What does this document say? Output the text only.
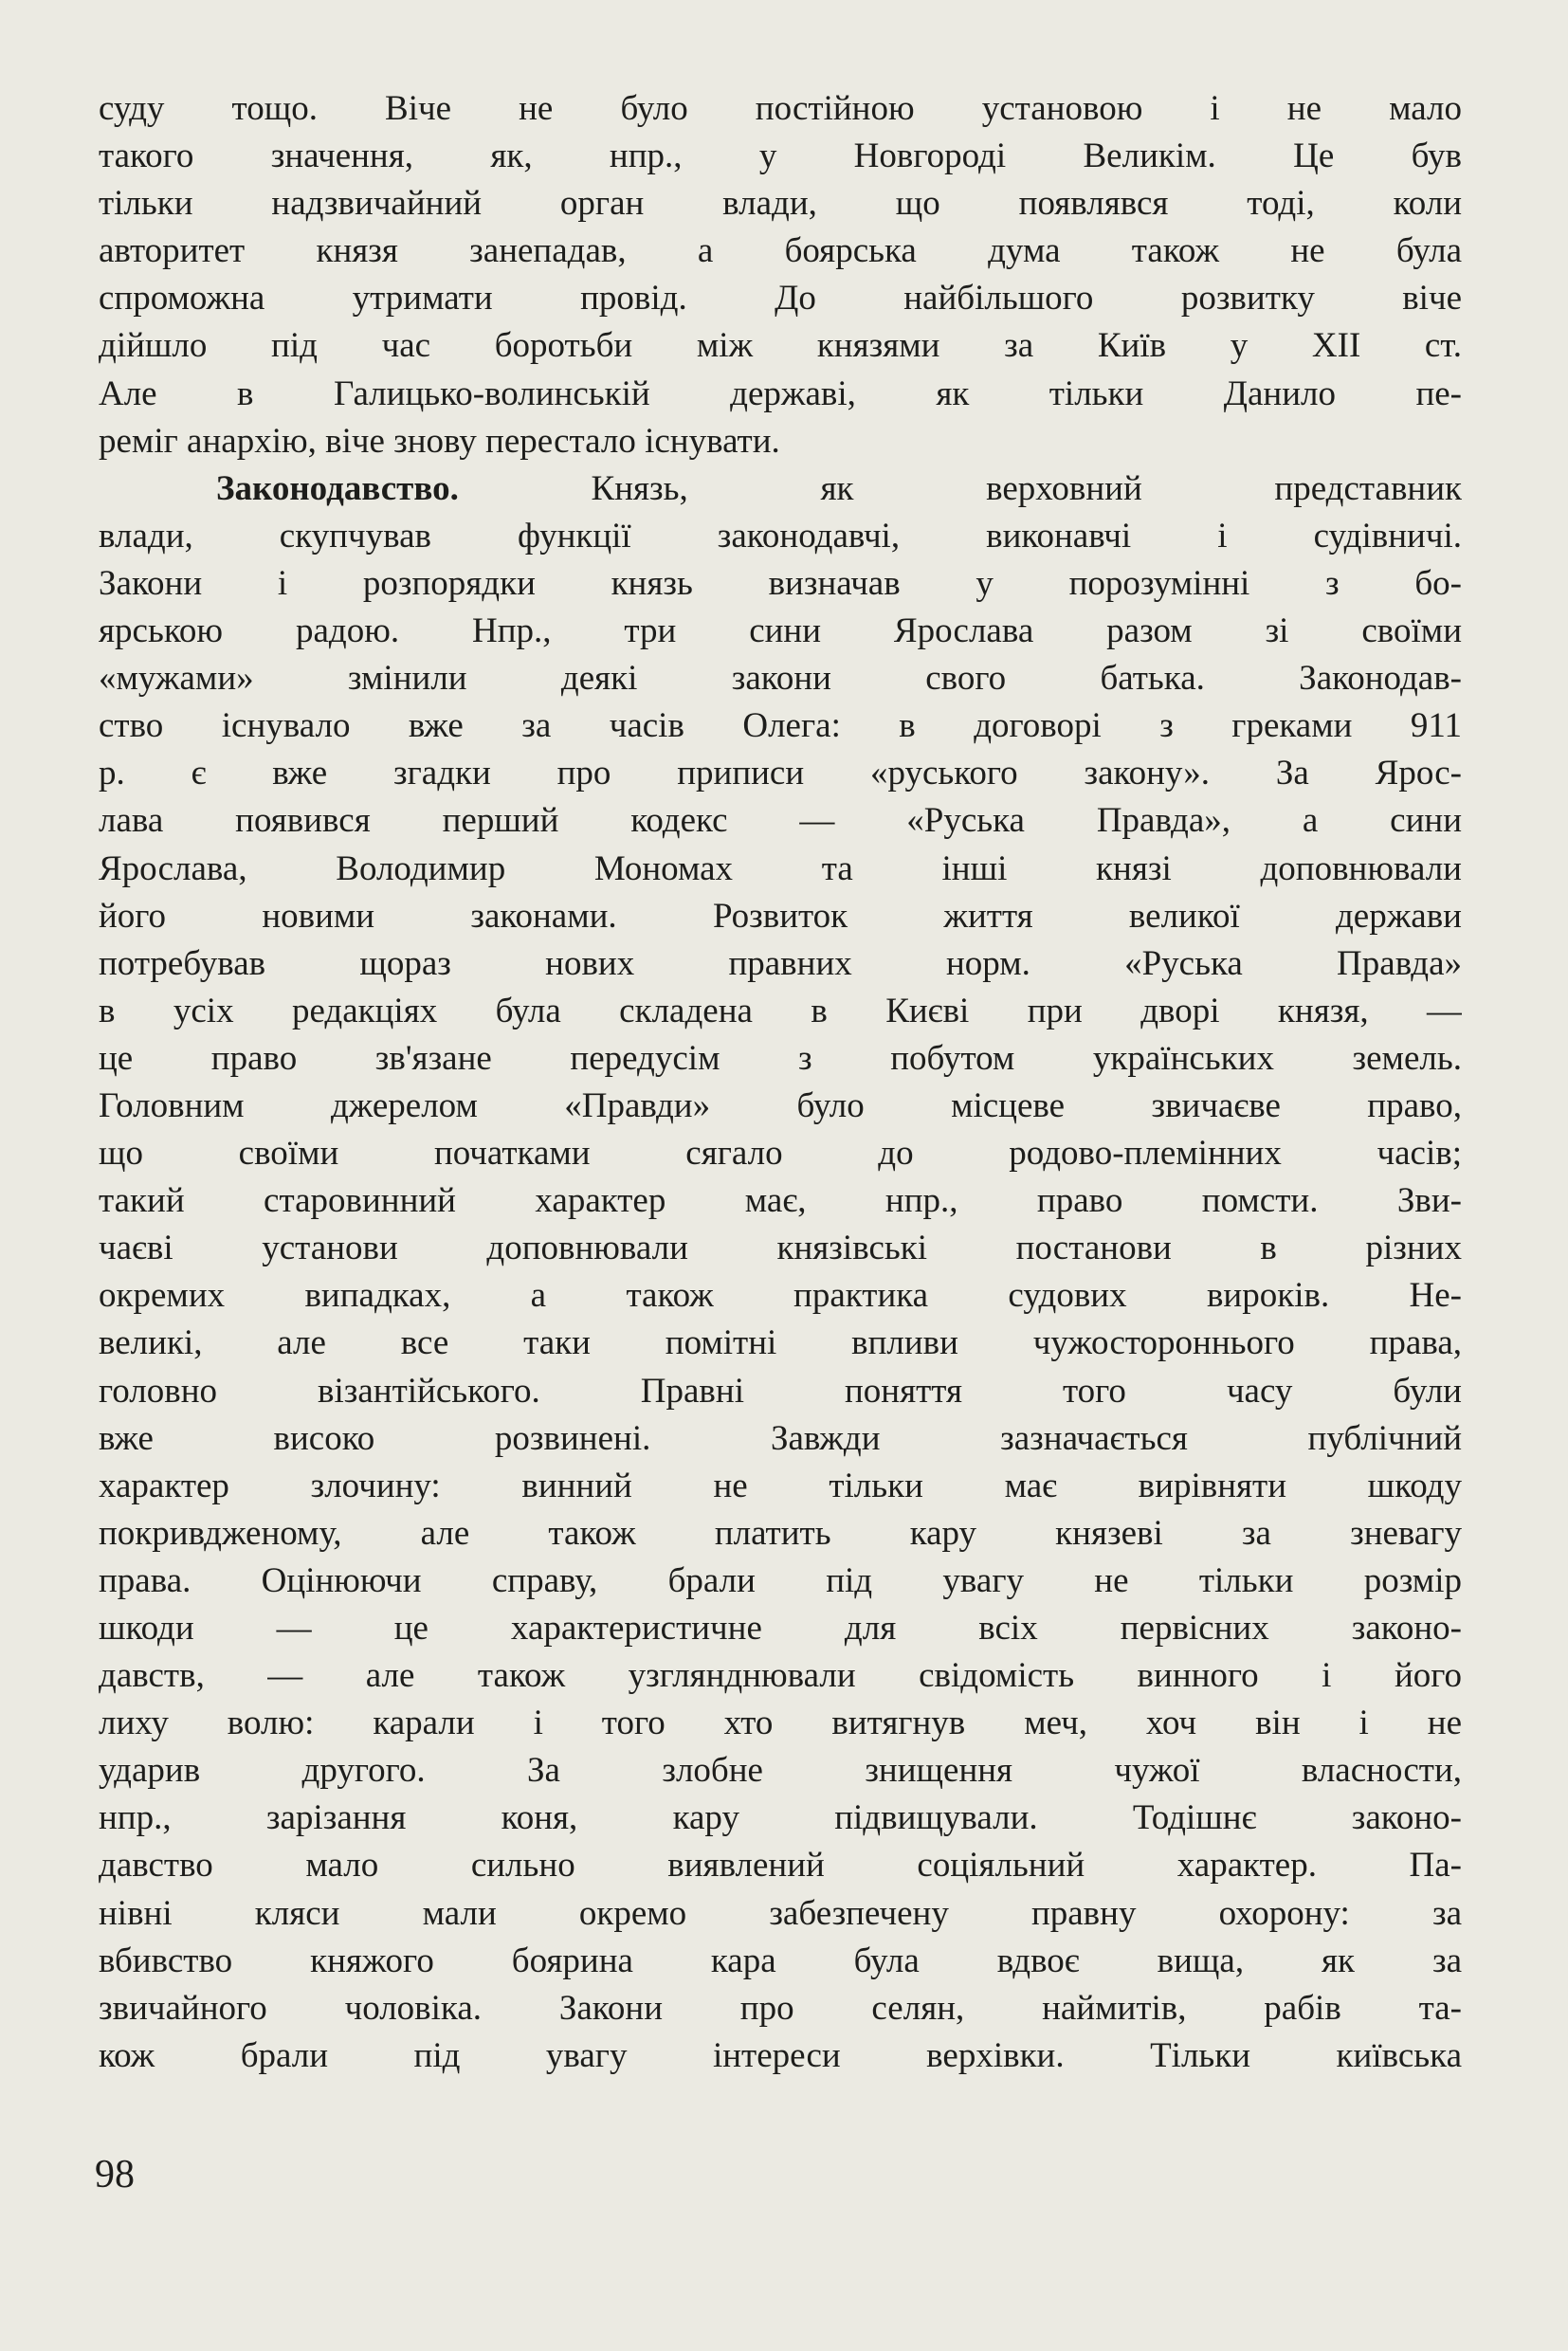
суду тощо. Віче не було постійною установою і не мало
такого значення, як, нпр., у Новгороді Великім. Це був
тільки надзвичайний орган влади, що появлявся тоді, коли
авторитет князя занепадав, а боярська дума також не була
спроможна утримати провід. До найбільшого розвитку віче
дійшло під час боротьби між князями за Київ у XII ст.
Але в Галицько-волинській державі, як тільки Данило пе-
реміг анархію, віче знову перестало існувати.
Законодавство.	Князь, як верховний представник
влади, скупчував функції законодавчі, виконавчі і судівничі.
Закони і розпорядки князь визначав у порозумінні з бо-
ярською радою. Нпр., три сини Ярослава разом зі своїми
«мужами» змінили деякі закони свого батька. Законодав-
ство існувало вже за часів Олега: в договорі з греками 911
р. є вже згадки про приписи «руського закону». За Ярос-
лава появився перший кодекс — «Руська Правда», а сини
Ярослава, Володимир Мономах та інші князі доповнювали
його новими законами. Розвиток життя великої держави
потребував щораз нових правних норм. «Руська Правда»
в усіх редакціях була складена в Києві при дворі князя, —
це право зв'язане передусім з побутом українських земель.
Головним джерелом «Правди» було місцеве звичаєве право,
що своїми початками сягало до родово-племінних часів;
такий старовинний характер має, нпр., право помсти. Зви-
чаєві установи доповнювали князівські постанови в різних
окремих випадках, а також практика судових вироків. Не-
великі, але все таки помітні впливи чужостороннього права,
головно візантійського. Правні поняття того часу були
вже високо розвинені. Завжди зазначається публічний
характер злочину: винний не тільки має вирівняти шкоду
покривдженому, але також платить кару князеві за зневагу
права. Оцінюючи справу, брали під увагу не тільки розмір
шкоди — це характеристичне для всіх первісних законо-
давств, — але також узглянднювали свідомість винного і його
лиху волю: карали і того хто витягнув меч, хоч він і не
ударив другого. За злобне знищення чужої власности,
нпр., зарізання коня, кару підвищували. Тодішнє законо-
давство мало сильно виявлений соціяльний характер. Па-
нівні кляси мали окремо забезпечену правну охорону: за
вбивство княжого боярина кара була вдвоє вища, як за
звичайного чоловіка. Закони про селян, наймитів, рабів та-
кож брали під увагу інтереси верхівки. Тільки київська
98
